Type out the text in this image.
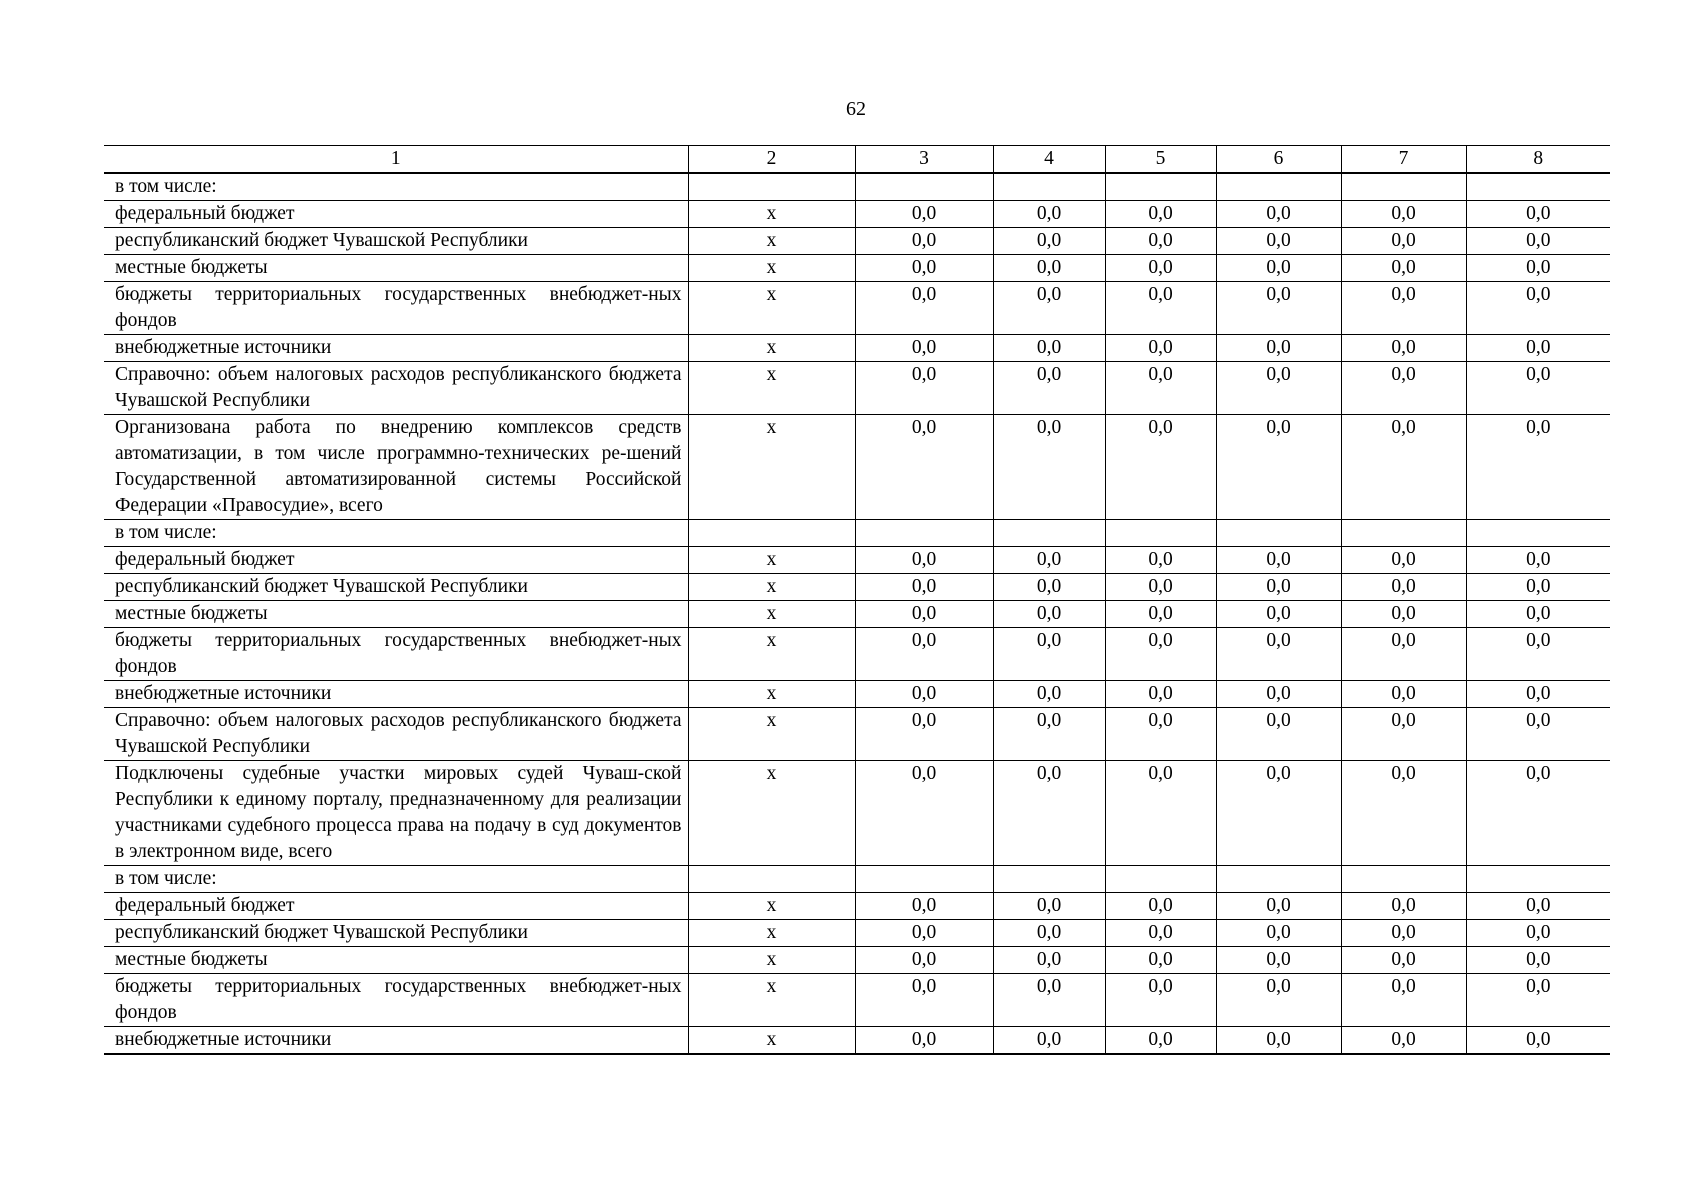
62
1	2	3	4	5	6	7	8
в том числе:							
федеральный бюджет	х	0,0	0,0	0,0	0,0	0,0	0,0
республиканский бюджет Чувашской Республики	х	0,0	0,0	0,0	0,0	0,0	0,0
местные бюджеты	х	0,0	0,0	0,0	0,0	0,0	0,0
бюджеты территориальных государственных внебюджет-ных фондов	х	0,0	0,0	0,0	0,0	0,0	0,0
внебюджетные источники	х	0,0	0,0	0,0	0,0	0,0	0,0
Справочно: объем налоговых расходов республиканского бюджета Чувашской Республики	х	0,0	0,0	0,0	0,0	0,0	0,0
Организована работа по внедрению комплексов средств автоматизации, в том числе программно-технических ре-шений Государственной автоматизированной системы Российской Федерации «Правосудие», всего	х	0,0	0,0	0,0	0,0	0,0	0,0
в том числе:							
федеральный бюджет	х	0,0	0,0	0,0	0,0	0,0	0,0
республиканский бюджет Чувашской Республики	х	0,0	0,0	0,0	0,0	0,0	0,0
местные бюджеты	х	0,0	0,0	0,0	0,0	0,0	0,0
бюджеты территориальных государственных внебюджет-ных фондов	х	0,0	0,0	0,0	0,0	0,0	0,0
внебюджетные источники	х	0,0	0,0	0,0	0,0	0,0	0,0
Справочно: объем налоговых расходов республиканского бюджета Чувашской Республики	х	0,0	0,0	0,0	0,0	0,0	0,0
Подключены судебные участки мировых судей Чуваш-ской Республики к единому порталу, предназначенному для реализации участниками судебного процесса права на подачу в суд документов в электронном виде, всего	х	0,0	0,0	0,0	0,0	0,0	0,0
в том числе:							
федеральный бюджет	х	0,0	0,0	0,0	0,0	0,0	0,0
республиканский бюджет Чувашской Республики	х	0,0	0,0	0,0	0,0	0,0	0,0
местные бюджеты	х	0,0	0,0	0,0	0,0	0,0	0,0
бюджеты территориальных государственных внебюджет-ных фондов	х	0,0	0,0	0,0	0,0	0,0	0,0
внебюджетные источники	х	0,0	0,0	0,0	0,0	0,0	0,0
